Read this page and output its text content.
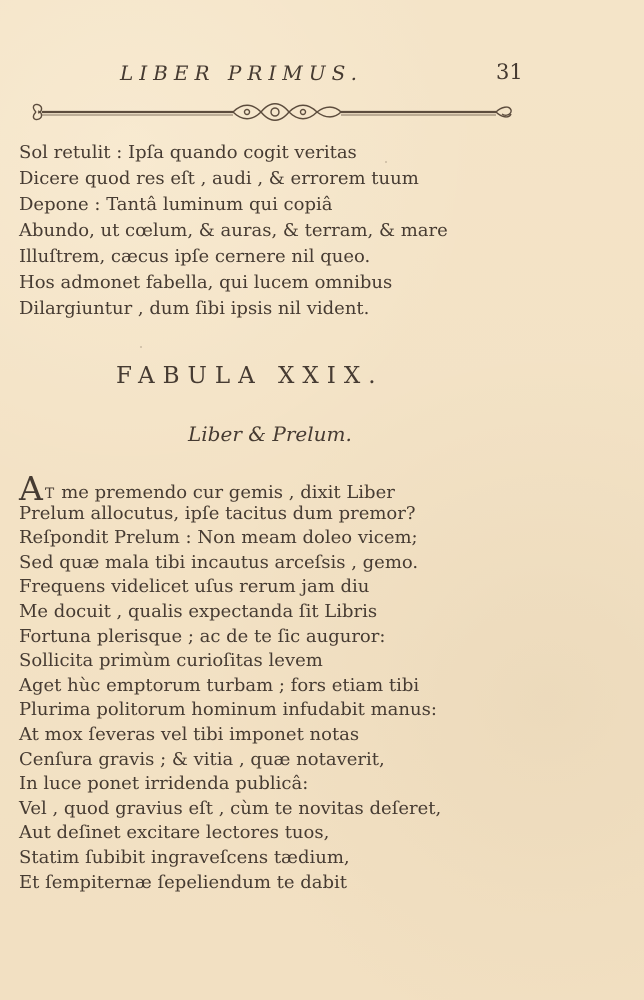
LIBER PRIMUS.	31
Sol retulit : Ipſa quando cogit veritas
Dicere quod res eſt , audi , & errorem tuum
Depone : Tantâ luminum qui copiâ
Abundo, ut cœlum, & auras, & terram, & mare
Illuſtrem, cæcus ipſe cernere nil queo.
Hos admonet fabella, qui lucem omnibus
Dilargiuntur , dum ſibi ipsis nil vident.
FABULA XXIX.
Liber & Prelum.
A T me premendo cur gemis , dixit Liber
Prelum allocutus, ipſe tacitus dum premor?
Reſpondit Prelum : Non meam doleo vicem;
Sed quæ mala tibi incautus arceſsis , gemo.
Frequens videlicet uſus rerum jam diu
Me docuit , qualis expectanda ſit Libris
Fortuna plerisque ; ac de te ſic auguror:
Sollicita primùm curioſitas levem
Aget hùc emptorum turbam ; fors etiam tibi
Plurima politorum hominum infudabit manus:
At mox ſeveras vel tibi imponet notas
Cenſura gravis ; & vitia , quæ notaverit,
In luce ponet irridenda publicâ:
Vel , quod gravius eſt , cùm te novitas deſeret,
Aut deſinet excitare lectores tuos,
Statim ſubibit ingraveſcens tædium,
Et ſempiternæ ſepeliendum te dabit
